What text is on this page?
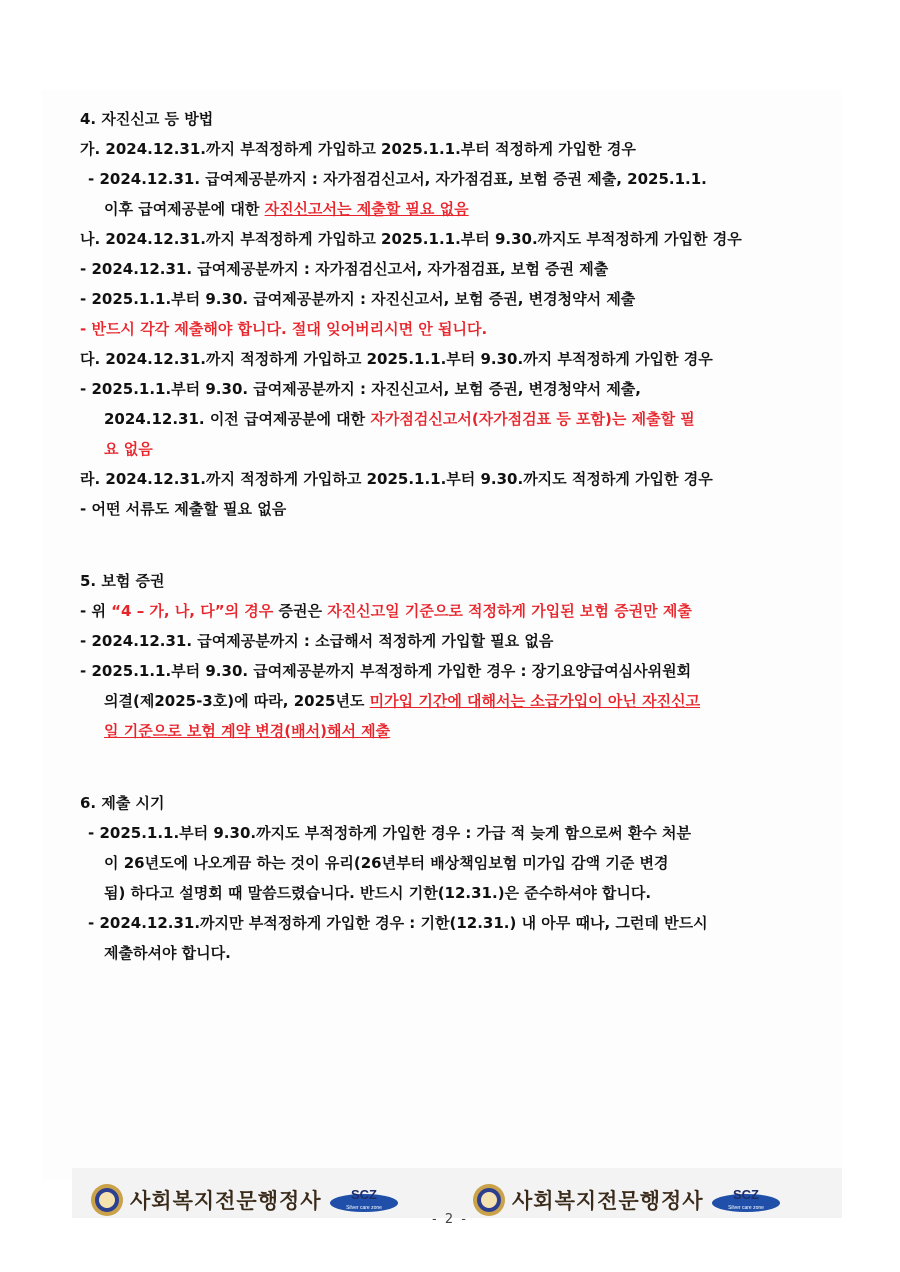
4. 자진신고 등 방법
가. 2024.12.31.까지 부적정하게 가입하고 2025.1.1.부터 적정하게 가입한 경우
- 2024.12.31. 급여제공분까지 : 자가점검신고서, 자가점검표, 보험 증권 제출, 2025.1.1.
이후 급여제공분에 대한 자진신고서는 제출할 필요 없음
나. 2024.12.31.까지 부적정하게 가입하고 2025.1.1.부터 9.30.까지도 부적정하게 가입한 경우
- 2024.12.31. 급여제공분까지 : 자가점검신고서, 자가점검표, 보험 증권 제출
- 2025.1.1.부터 9.30. 급여제공분까지 : 자진신고서, 보험 증권, 변경청약서 제출
- 반드시 각각 제출해야 합니다. 절대 잊어버리시면 안 됩니다.
다. 2024.12.31.까지 적정하게 가입하고 2025.1.1.부터 9.30.까지 부적정하게 가입한 경우
- 2025.1.1.부터 9.30. 급여제공분까지 : 자진신고서, 보험 증권, 변경청약서 제출,
2024.12.31. 이전 급여제공분에 대한 자가점검신고서(자가점검표 등 포함)는 제출할 필
요 없음
라. 2024.12.31.까지 적정하게 가입하고 2025.1.1.부터 9.30.까지도 적정하게 가입한 경우
- 어떤 서류도 제출할 필요 없음
5. 보험 증권
- 위 “4 – 가, 나, 다”의 경우 증권은 자진신고일 기준으로 적정하게 가입된 보험 증권만 제출
- 2024.12.31. 급여제공분까지 : 소급해서 적정하게 가입할 필요 없음
- 2025.1.1.부터 9.30. 급여제공분까지 부적정하게 가입한 경우 : 장기요양급여심사위원회
의결(제2025-3호)에 따라, 2025년도 미가입 기간에 대해서는 소급가입이 아닌 자진신고
일 기준으로 보험 계약 변경(배서)해서 제출
6. 제출 시기
- 2025.1.1.부터 9.30.까지도 부적정하게 가입한 경우 : 가급 적 늦게 함으로써 환수 처분
이 26년도에 나오게끔 하는 것이 유리(26년부터 배상책임보험 미가입 감액 기준 변경
됨) 하다고 설명회 때 말씀드렸습니다. 반드시 기한(12.31.)은 준수하셔야 합니다.
- 2024.12.31.까지만 부적정하게 가입한 경우 : 기한(12.31.) 내 아무 때나, 그런데 반드시
제출하셔야 합니다.
사회복지전문행정사 SCZ
Silver care zone	사회복지전문행정사 SCZ
Silver care zone
- 2 -
